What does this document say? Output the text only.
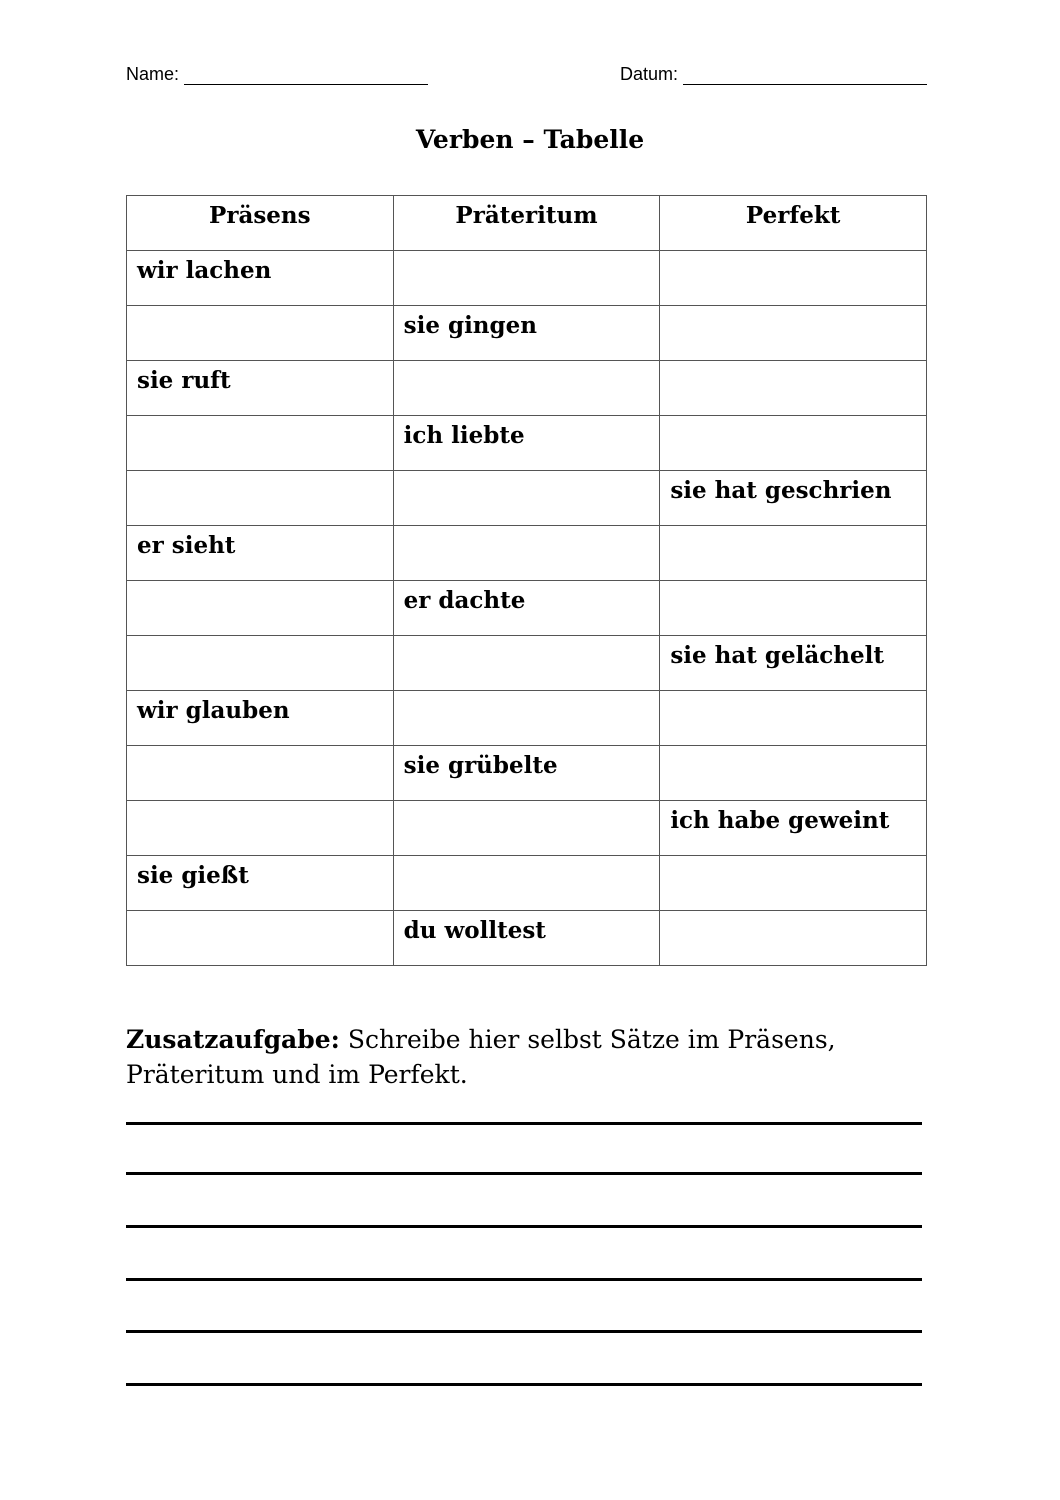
Name:	Datum:
Verben – Tabelle
Präsens	Präteritum	Perfekt
wir lachen		
	sie gingen	
sie ruft		
	ich liebte	
		sie hat geschrien
er sieht		
	er dachte	
		sie hat gelächelt
wir glauben		
	sie grübelte	
		ich habe geweint
sie gießt		
	du wolltest	
Zusatzaufgabe: Schreibe hier selbst Sätze im Präsens, Präteritum und im Perfekt.
